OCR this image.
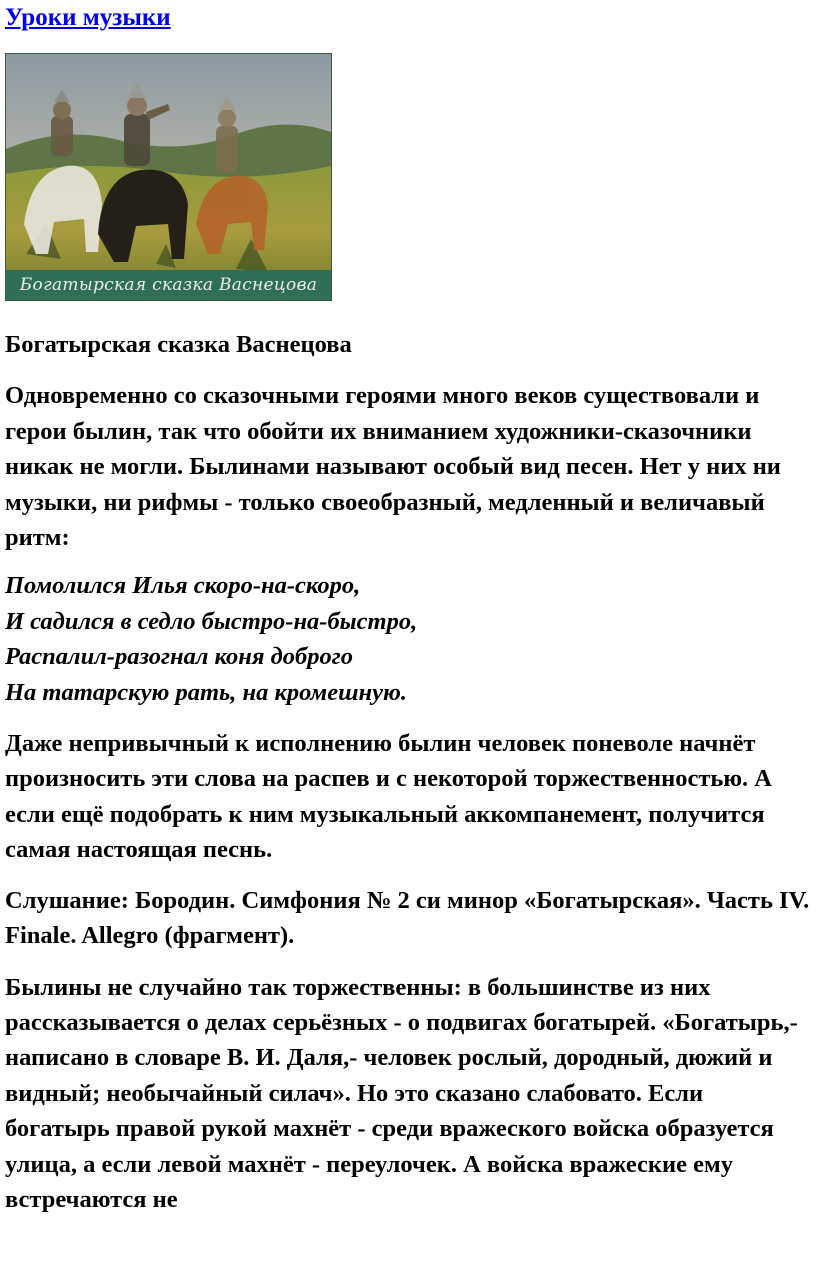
Уроки музыки
Богатырская сказка Васнецова

Богатырская сказка Васнецова

Одновременно со сказочными героями много веков существовали и герои былин, так что обойти их вниманием художники-сказочники никак не могли. Былинами называют особый вид песен. Нет у них ни музыки, ни рифмы - только своеобразный, медленный и величавый ритм:

Помолился Илья скоро-на-скоро,
И садился в седло быстро-на-быстро,
Распалил-разогнал коня доброго
На татарскую рать, на кромешную.

Даже непривычный к исполнению былин человек поневоле начнёт произносить эти слова на распев и с некоторой торжественностью. А если ещё подобрать к ним музыкальный аккомпанемент, получится самая настоящая песнь.

Слушание: Бородин. Симфония № 2 си минор «Богатырская». Часть IV. Finale. Allegro (фрагмент).

Былины не случайно так торжественны: в большинстве из них рассказывается о делах серьёзных - о подвигах богатырей. «Богатырь,- написано в словаре В. И. Даля,- человек рослый, дородный, дюжий и видный; необычайный силач». Но это сказано слабовато. Если богатырь правой рукой махнёт - среди вражеского войска образуется улица, а если левой махнёт - переулочек. А войска вражеские ему встречаются не
